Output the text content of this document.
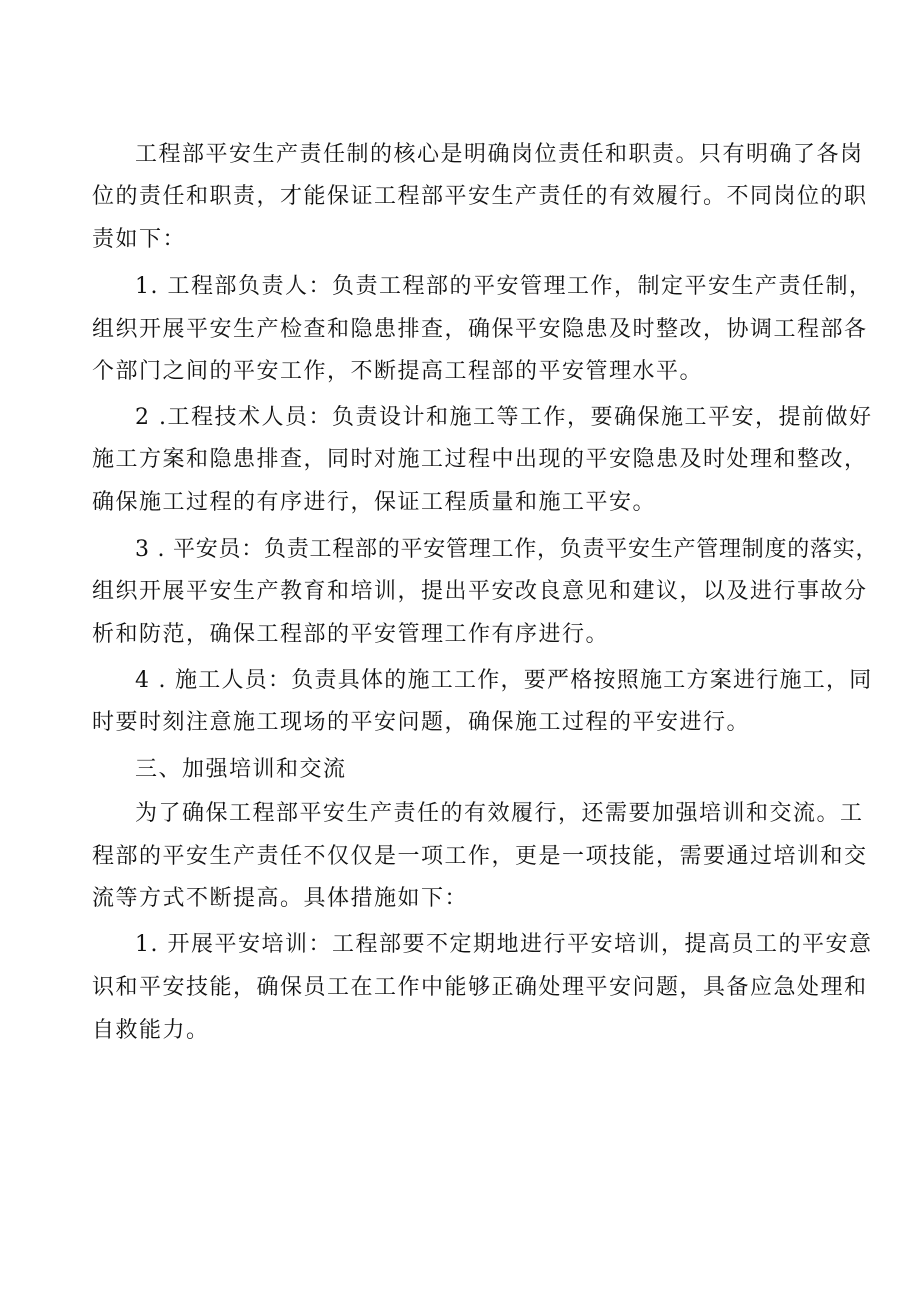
工程部平安生产责任制的核心是明确岗位责任和职责。只有明确了各岗
位的责任和职责，才能保证工程部平安生产责任的有效履行。不同岗位的职
责如下：
1. 工程部负责人：负责工程部的平安管理工作，制定平安生产责任制，
组织开展平安生产检查和隐患排查，确保平安隐患及时整改，协调工程部各
个部门之间的平安工作，不断提高工程部的平安管理水平。
2 .工程技术人员：负责设计和施工等工作，要确保施工平安，提前做好
施工方案和隐患排查，同时对施工过程中出现的平安隐患及时处理和整改，
确保施工过程的有序进行，保证工程质量和施工平安。
3 . 平安员：负责工程部的平安管理工作，负责平安生产管理制度的落实，
组织开展平安生产教育和培训，提出平安改良意见和建议，以及进行事故分
析和防范，确保工程部的平安管理工作有序进行。
4 . 施工人员：负责具体的施工工作，要严格按照施工方案进行施工，同
时要时刻注意施工现场的平安问题，确保施工过程的平安进行。
三、加强培训和交流
为了确保工程部平安生产责任的有效履行，还需要加强培训和交流。工
程部的平安生产责任不仅仅是一项工作，更是一项技能，需要通过培训和交
流等方式不断提高。具体措施如下：
1. 开展平安培训：工程部要不定期地进行平安培训，提高员工的平安意
识和平安技能，确保员工在工作中能够正确处理平安问题，具备应急处理和
自救能力。
